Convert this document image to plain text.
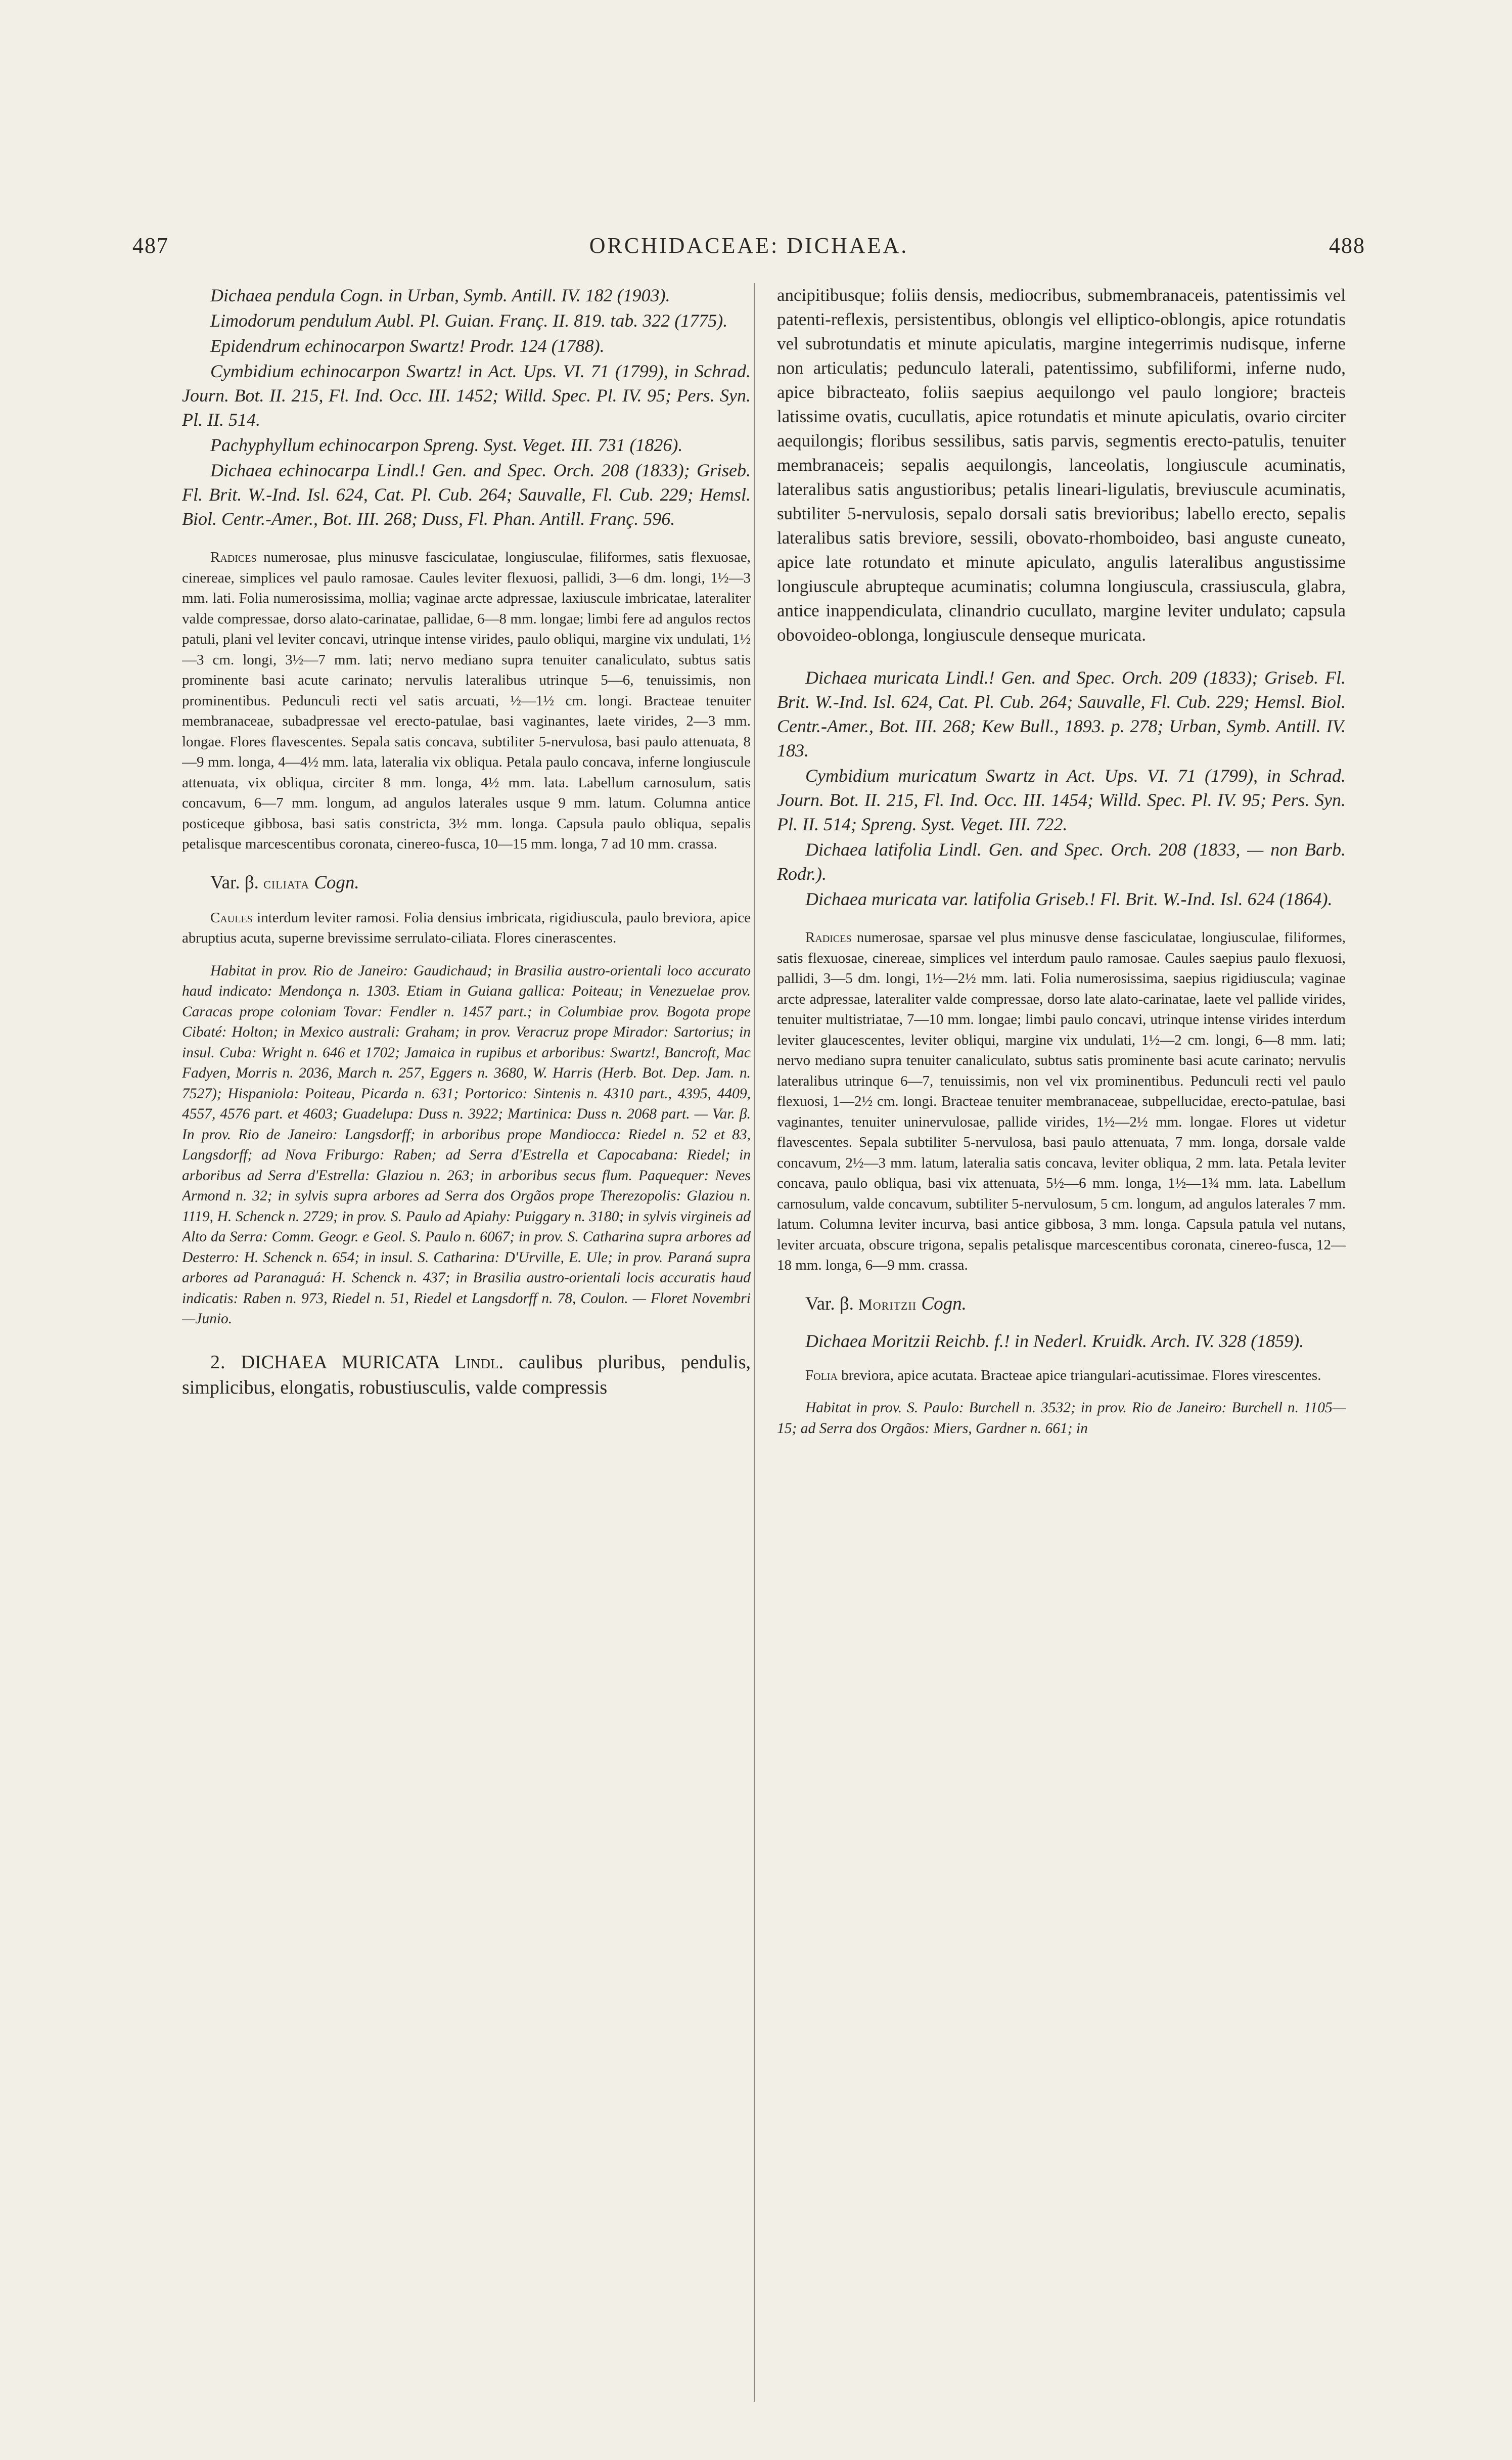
487	ORCHIDACEAE: DICHAEA.	488

Dichaea pendula Cogn. in Urban, Symb. Antill. IV. 182 (1903).

Limodorum pendulum Aubl. Pl. Guian. Franç. II. 819. tab. 322 (1775).

Epidendrum echinocarpon Swartz! Prodr. 124 (1788).

Cymbidium echinocarpon Swartz! in Act. Ups. VI. 71 (1799), in Schrad. Journ. Bot. II. 215, Fl. Ind. Occ. III. 1452; Willd. Spec. Pl. IV. 95; Pers. Syn. Pl. II. 514.

Pachyphyllum echinocarpon Spreng. Syst. Veget. III. 731 (1826).

Dichaea echinocarpa Lindl.! Gen. and Spec. Orch. 208 (1833); Griseb. Fl. Brit. W.-Ind. Isl. 624, Cat. Pl. Cub. 264; Sauvalle, Fl. Cub. 229; Hemsl. Biol. Centr.-Amer., Bot. III. 268; Duss, Fl. Phan. Antill. Franç. 596.

Radices numerosae, plus minusve fasciculatae, longiusculae, filiformes, satis flexuosae, cinereae, simplices vel paulo ramosae. Caules leviter flexuosi, pallidi, 3—6 dm. longi, 1½—3 mm. lati. Folia numerosissima, mollia; vaginae arcte adpressae, laxiuscule imbricatae, lateraliter valde compressae, dorso alato-carinatae, pallidae, 6—8 mm. longae; limbi fere ad angulos rectos patuli, plani vel leviter concavi, utrinque intense virides, paulo obliqui, margine vix undulati, 1½—3 cm. longi, 3½—7 mm. lati; nervo mediano supra tenuiter canaliculato, subtus satis prominente basi acute carinato; nervulis lateralibus utrinque 5—6, tenuissimis, non prominentibus. Pedunculi recti vel satis arcuati, ½—1½ cm. longi. Bracteae tenuiter membranaceae, subadpressae vel erecto-patulae, basi vaginantes, laete virides, 2—3 mm. longae. Flores flavescentes. Sepala satis concava, subtiliter 5-nervulosa, basi paulo attenuata, 8—9 mm. longa, 4—4½ mm. lata, lateralia vix obliqua. Petala paulo concava, inferne longiuscule attenuata, vix obliqua, circiter 8 mm. longa, 4½ mm. lata. Labellum carnosulum, satis concavum, 6—7 mm. longum, ad angulos laterales usque 9 mm. latum. Columna antice posticeque gibbosa, basi satis constricta, 3½ mm. longa. Capsula paulo obliqua, sepalis petalisque marcescentibus coronata, cinereo-fusca, 10—15 mm. longa, 7 ad 10 mm. crassa.

Var. β. ciliata Cogn.

Caules interdum leviter ramosi. Folia densius imbricata, rigidiuscula, paulo breviora, apice abruptius acuta, superne brevissime serrulato-ciliata. Flores cinerascentes.

Habitat in prov. Rio de Janeiro: Gaudichaud; in Brasilia austro-orientali loco accurato haud indicato: Mendonça n. 1303. Etiam in Guiana gallica: Poiteau; in Venezuelae prov. Caracas prope coloniam Tovar: Fendler n. 1457 part.; in Columbiae prov. Bogota prope Cibaté: Holton; in Mexico australi: Graham; in prov. Veracruz prope Mirador: Sartorius; in insul. Cuba: Wright n. 646 et 1702; Jamaica in rupibus et arboribus: Swartz!, Bancroft, Mac Fadyen, Morris n. 2036, March n. 257, Eggers n. 3680, W. Harris (Herb. Bot. Dep. Jam. n. 7527); Hispaniola: Poiteau, Picarda n. 631; Portorico: Sintenis n. 4310 part., 4395, 4409, 4557, 4576 part. et 4603; Guadelupa: Duss n. 3922; Martinica: Duss n. 2068 part. — Var. β. In prov. Rio de Janeiro: Langsdorff; in arboribus prope Mandiocca: Riedel n. 52 et 83, Langsdorff; ad Nova Friburgo: Raben; ad Serra d'Estrella et Capocabana: Riedel; in arboribus ad Serra d'Estrella: Glaziou n. 263; in arboribus secus flum. Paquequer: Neves Armond n. 32; in sylvis supra arbores ad Serra dos Orgãos prope Therezopolis: Glaziou n. 1119, H. Schenck n. 2729; in prov. S. Paulo ad Apiahy: Puiggary n. 3180; in sylvis virgineis ad Alto da Serra: Comm. Geogr. e Geol. S. Paulo n. 6067; in prov. S. Catharina supra arbores ad Desterro: H. Schenck n. 654; in insul. S. Catharina: D'Urville, E. Ule; in prov. Paraná supra arbores ad Paranaguá: H. Schenck n. 437; in Brasilia austro-orientali locis accuratis haud indicatis: Raben n. 973, Riedel n. 51, Riedel et Langsdorff n. 78, Coulon. — Floret Novembri—Junio.

2. DICHAEA MURICATA Lindl. caulibus pluribus, pendulis, simplicibus, elongatis, robustiusculis, valde compressis

ancipitibusque; foliis densis, mediocribus, submembranaceis, patentissimis vel patenti-reflexis, persistentibus, oblongis vel elliptico-oblongis, apice rotundatis vel subrotundatis et minute apiculatis, margine integerrimis nudisque, inferne non articulatis; pedunculo laterali, patentissimo, subfiliformi, inferne nudo, apice bibracteato, foliis saepius aequilongo vel paulo longiore; bracteis latissime ovatis, cucullatis, apice rotundatis et minute apiculatis, ovario circiter aequilongis; floribus sessilibus, satis parvis, segmentis erecto-patulis, tenuiter membranaceis; sepalis aequilongis, lanceolatis, longiuscule acuminatis, lateralibus satis angustioribus; petalis lineari-ligulatis, breviuscule acuminatis, subtiliter 5-nervulosis, sepalo dorsali satis brevioribus; labello erecto, sepalis lateralibus satis breviore, sessili, obovato-rhomboideo, basi anguste cuneato, apice late rotundato et minute apiculato, angulis lateralibus angustissime longiuscule abrupteque acuminatis; columna longiuscula, crassiuscula, glabra, antice inappendiculata, clinandrio cucullato, margine leviter undulato; capsula obovoideo-oblonga, longiuscule denseque muricata.

Dichaea muricata Lindl.! Gen. and Spec. Orch. 209 (1833); Griseb. Fl. Brit. W.-Ind. Isl. 624, Cat. Pl. Cub. 264; Sauvalle, Fl. Cub. 229; Hemsl. Biol. Centr.-Amer., Bot. III. 268; Kew Bull., 1893. p. 278; Urban, Symb. Antill. IV. 183.

Cymbidium muricatum Swartz in Act. Ups. VI. 71 (1799), in Schrad. Journ. Bot. II. 215, Fl. Ind. Occ. III. 1454; Willd. Spec. Pl. IV. 95; Pers. Syn. Pl. II. 514; Spreng. Syst. Veget. III. 722.

Dichaea latifolia Lindl. Gen. and Spec. Orch. 208 (1833, — non Barb. Rodr.).

Dichaea muricata var. latifolia Griseb.! Fl. Brit. W.-Ind. Isl. 624 (1864).

Radices numerosae, sparsae vel plus minusve dense fasciculatae, longiusculae, filiformes, satis flexuosae, cinereae, simplices vel interdum paulo ramosae. Caules saepius paulo flexuosi, pallidi, 3—5 dm. longi, 1½—2½ mm. lati. Folia numerosissima, saepius rigidiuscula; vaginae arcte adpressae, lateraliter valde compressae, dorso late alato-carinatae, laete vel pallide virides, tenuiter multistriatae, 7—10 mm. longae; limbi paulo concavi, utrinque intense virides interdum leviter glaucescentes, leviter obliqui, margine vix undulati, 1½—2 cm. longi, 6—8 mm. lati; nervo mediano supra tenuiter canaliculato, subtus satis prominente basi acute carinato; nervulis lateralibus utrinque 6—7, tenuissimis, non vel vix prominentibus. Pedunculi recti vel paulo flexuosi, 1—2½ cm. longi. Bracteae tenuiter membranaceae, subpellucidae, erecto-patulae, basi vaginantes, tenuiter uninervulosae, pallide virides, 1½—2½ mm. longae. Flores ut videtur flavescentes. Sepala subtiliter 5-nervulosa, basi paulo attenuata, 7 mm. longa, dorsale valde concavum, 2½—3 mm. latum, lateralia satis concava, leviter obliqua, 2 mm. lata. Petala leviter concava, paulo obliqua, basi vix attenuata, 5½—6 mm. longa, 1½—1¾ mm. lata. Labellum carnosulum, valde concavum, subtiliter 5-nervulosum, 5 cm. longum, ad angulos laterales 7 mm. latum. Columna leviter incurva, basi antice gibbosa, 3 mm. longa. Capsula patula vel nutans, leviter arcuata, obscure trigona, sepalis petalisque marcescentibus coronata, cinereo-fusca, 12—18 mm. longa, 6—9 mm. crassa.

Var. β. Moritzii Cogn.

Dichaea Moritzii Reichb. f.! in Nederl. Kruidk. Arch. IV. 328 (1859).

Folia breviora, apice acutata. Bracteae apice triangulari-acutissimae. Flores virescentes.

Habitat in prov. S. Paulo: Burchell n. 3532; in prov. Rio de Janeiro: Burchell n. 1105—15; ad Serra dos Orgãos: Miers, Gardner n. 661; in
